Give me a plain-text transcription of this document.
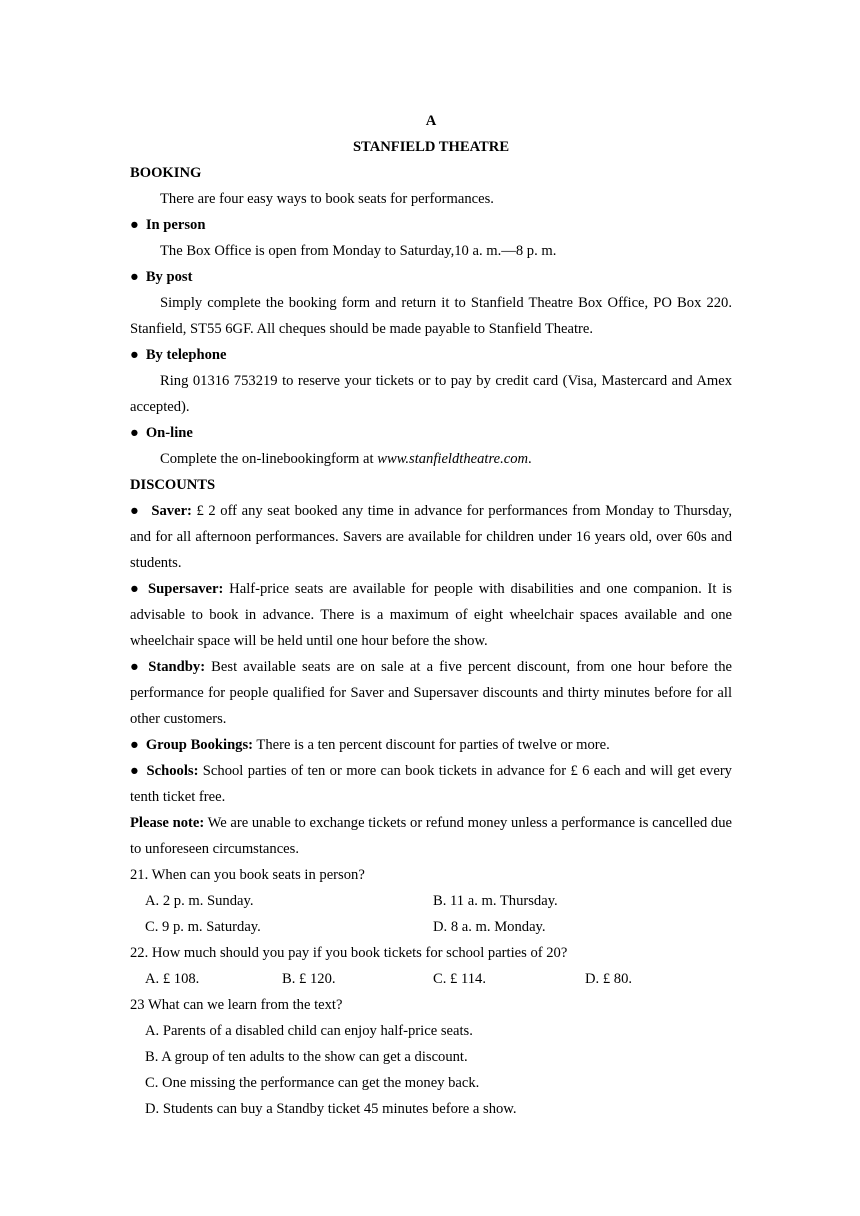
A

STANFIELD THEATRE

BOOKING

There are four easy ways to book seats for performances.

● In person

The Box Office is open from Monday to Saturday,10 a. m.—8 p. m.

● By post

Simply complete the booking form and return it to Stanfield Theatre Box Office, PO Box 220. Stanfield, ST55 6GF. All cheques should be made payable to Stanfield Theatre.

● By telephone

Ring 01316 753219 to reserve your tickets or to pay by credit card (Visa, Mastercard and Amex accepted).

● On-line

Complete the on-linebookingform at www.stanfieldtheatre.com.

DISCOUNTS

● Saver: £ 2 off any seat booked any time in advance for performances from Monday to Thursday, and for all afternoon performances. Savers are available for children under 16 years old, over 60s and students.

● Supersaver: Half-price seats are available for people with disabilities and one companion. It is advisable to book in advance. There is a maximum of eight wheelchair spaces available and one wheelchair space will be held until one hour before the show.

● Standby: Best available seats are on sale at a five percent discount, from one hour before the performance for people qualified for Saver and Supersaver discounts and thirty minutes before for all other customers.

● Group Bookings: There is a ten percent discount for parties of twelve or more.

● Schools: School parties of ten or more can book tickets in advance for £ 6 each and will get every tenth ticket free.

Please note: We are unable to exchange tickets or refund money unless a performance is cancelled due to unforeseen circumstances.

21. When can you book seats in person?

A. 2 p. m. Sunday.	B. 11 a. m. Thursday.
C. 9 p. m. Saturday.	D. 8 a. m. Monday.

22. How much should you pay if you book tickets for school parties of 20?

A. £ 108.	B. £ 120.	C. £ 114.	D. £ 80.

23 What can we learn from the text?

A. Parents of a disabled child can enjoy half-price seats.

B. A group of ten adults to the show can get a discount.

C. One missing the performance can get the money back.

D. Students can buy a Standby ticket 45 minutes before a show.
